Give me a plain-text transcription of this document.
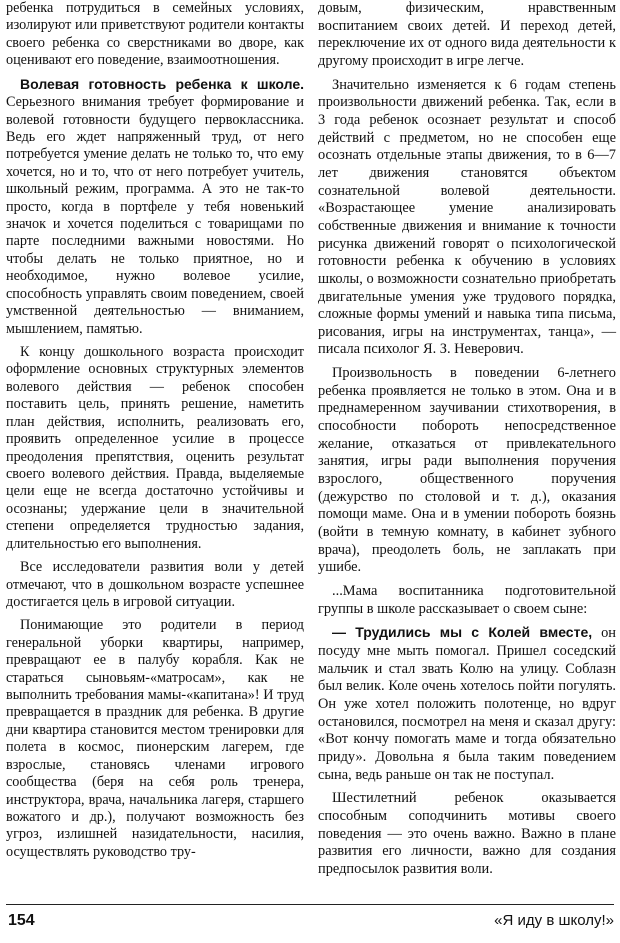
ребенка потрудиться в семейных условиях, изолируют или приветствуют родители контакты своего ребенка со сверстниками во дворе, как оценивают его поведение, взаимоотношения.

Волевая готовность ребенка к школе. Серьезного внимания требует формирование и волевой готовности будущего первоклассника. Ведь его ждет напряженный труд, от него потребуется умение делать не только то, что ему хочется, но и то, что от него потребует учитель, школьный режим, программа. А это не так-то просто, когда в портфеле у тебя новенький значок и хочется поделиться с товарищами по парте последними важными новостями. Но чтобы делать не только приятное, но и необходимое, нужно волевое усилие, способность управлять своим поведением, своей умственной деятельностью — вниманием, мышлением, памятью.

К концу дошкольного возраста происходит оформление основных структурных элементов волевого действия — ребенок способен поставить цель, принять решение, наметить план действия, исполнить, реализовать его, проявить определенное усилие в процессе преодоления препятствия, оценить результат своего волевого действия. Правда, выделяемые цели еще не всегда достаточно устойчивы и осознаны; удержание цели в значительной степени определяется трудностью задания, длительностью его выполнения.

Все исследователи развития воли у детей отмечают, что в дошкольном возрасте успешнее достигается цель в игровой ситуации.

Понимающие это родители в период генеральной уборки квартиры, например, превращают ее в палубу корабля. Как не стараться сыновьям-«матросам», как не выполнить требования мамы-«капитана»! И труд превращается в праздник для ребенка. В другие дни квартира становится местом тренировки для полета в космос, пионерским лагерем, где взрослые, становясь членами игрового сообщества (беря на себя роль тренера, инструктора, врача, начальника лагеря, старшего вожатого и др.), получают возможность без угроз, излишней назидательности, насилия, осуществлять руководство тру-

довым, физическим, нравственным воспитанием своих детей. И переход детей, переключение их от одного вида деятельности к другому происходит в игре легче.

Значительно изменяется к 6 годам степень произвольности движений ребенка. Так, если в 3 года ребенок осознает результат и способ действий с предметом, но не способен еще осознать отдельные этапы движения, то в 6—7 лет движения становятся объектом сознательной волевой деятельности. «Возрастающее умение анализировать собственные движения и внимание к точности рисунка движений говорят о психологической готовности ребенка к обучению в условиях школы, о возможности сознательно приобретать двигательные умения уже трудового порядка, сложные формы умений и навыка типа письма, рисования, игры на инструментах, танца», — писала психолог Я. З. Неверович.

Произвольность в поведении 6-летнего ребенка проявляется не только в этом. Она и в преднамеренном заучивании стихотворения, в способности побороть непосредственное желание, отказаться от привлекательного занятия, игры ради выполнения поручения взрослого, общественного поручения (дежурство по столовой и т. д.), оказания помощи маме. Она и в умении побороть боязнь (войти в темную комнату, в кабинет зубного врача), преодолеть боль, не заплакать при ушибе.

...Мама воспитанника подготовительной группы в школе рассказывает о своем сыне:

— Трудились мы с Колей вместе, он посуду мне мыть помогал. Пришел соседский мальчик и стал звать Колю на улицу. Соблазн был велик. Коле очень хотелось пойти погулять. Он уже хотел положить полотенце, но вдруг остановился, посмотрел на меня и сказал другу: «Вот кончу помогать маме и тогда обязательно приду». Довольна я была таким поведением сына, ведь раньше он так не поступал.

Шестилетний ребенок оказывается способным соподчинить мотивы своего поведения — это очень важно. Важно в плане развития его личности, важно для создания предпосылок развития воли.

154	«Я иду в школу!»
